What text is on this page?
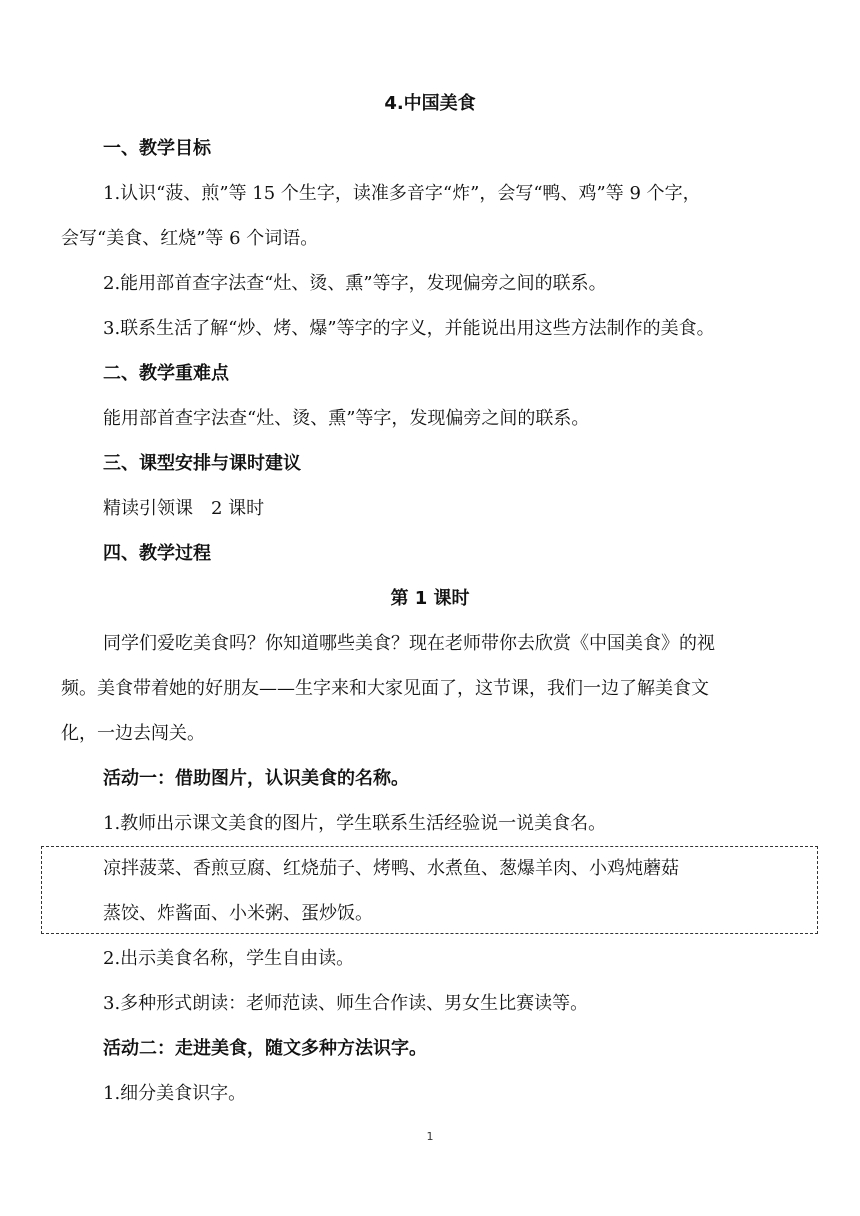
4.中国美食
一、教学目标
1.认识“菠、煎”等 15 个生字，读准多音字“炸”，会写“鸭、鸡”等 9 个字，
会写“美食、红烧”等 6 个词语。
2.能用部首查字法查“灶、烫、熏”等字，发现偏旁之间的联系。
3.联系生活了解“炒、烤、爆”等字的字义，并能说出用这些方法制作的美食。
二、教学重难点
能用部首查字法查“灶、烫、熏”等字，发现偏旁之间的联系。
三、课型安排与课时建议
精读引领课　2 课时
四、教学过程
第 1 课时
同学们爱吃美食吗？你知道哪些美食？现在老师带你去欣赏《中国美食》的视
频。美食带着她的好朋友——生字来和大家见面了，这节课，我们一边了解美食文
化，一边去闯关。
活动一：借助图片，认识美食的名称。
1.教师出示课文美食的图片，学生联系生活经验说一说美食名。
凉拌菠菜、香煎豆腐、红烧茄子、烤鸭、水煮鱼、葱爆羊肉、小鸡炖蘑菇
蒸饺、炸酱面、小米粥、蛋炒饭。
2.出示美食名称，学生自由读。
3.多种形式朗读：老师范读、师生合作读、男女生比赛读等。
活动二：走进美食，随文多种方法识字。
1.细分美食识字。
1
